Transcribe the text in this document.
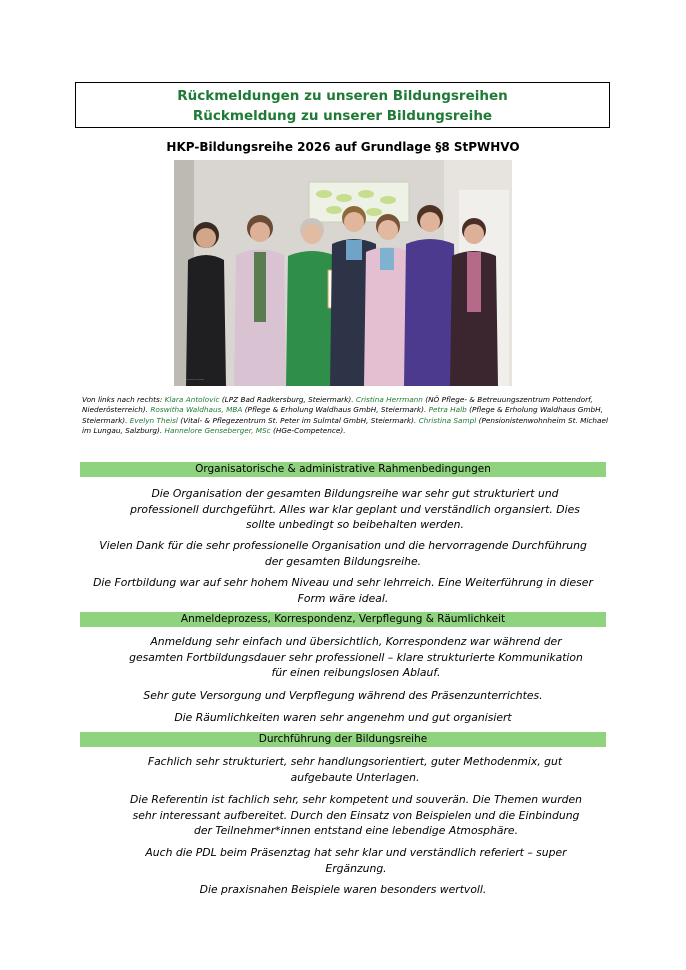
Rückmeldungen zu unseren Bildungsreihen
Rückmeldung zu unserer Bildungsreihe
HKP-Bildungsreihe 2026 auf Grundlage §8 StPWHVO
Gruppenfoto der Teilnehmerinnen mit Zertifikat
Von links nach rechts: Klara Antolovic (LPZ Bad Radkersburg, Steiermark). Cristina Herrmann (NÖ Pflege- & Betreuungszentrum Pottendorf, Niederösterreich). Roswitha Waldhaus, MBA (Pflege & Erholung Waldhaus GmbH, Steiermark). Petra Halb (Pflege & Erholung Waldhaus GmbH, Steiermark). Evelyn Theisl (Vital- & Pflegezentrum St. Peter im Sulmtal GmbH, Steiermark). Christina Sampl (Pensionistenwohnheim St. Michael im Lungau, Salzburg). Hannelore Genseberger, MSc (HGe-Competence).
Organisatorische & administrative Rahmenbedingungen
Die Organisation der gesamten Bildungsreihe war sehr gut strukturiert und professionell durchgeführt. Alles war klar geplant und verständlich organsiert. Dies sollte unbedingt so beibehalten werden.
Vielen Dank für die sehr professionelle Organisation und die hervorragende Durchführung der gesamten Bildungsreihe.
Die Fortbildung war auf sehr hohem Niveau und sehr lehrreich. Eine Weiterführung in dieser Form wäre ideal.
Anmeldeprozess, Korrespondenz, Verpflegung & Räumlichkeit
Anmeldung sehr einfach und übersichtlich, Korrespondenz war während der gesamten Fortbildungsdauer sehr professionell – klare strukturierte Kommunikation für einen reibungslosen Ablauf.
Sehr gute Versorgung und Verpflegung während des Präsenzunterrichtes.
Die Räumlichkeiten waren sehr angenehm und gut organisiert
Durchführung der Bildungsreihe
Fachlich sehr strukturiert, sehr handlungsorientiert, guter Methodenmix, gut aufgebaute Unterlagen.
Die Referentin ist fachlich sehr, sehr kompetent und souverän. Die Themen wurden sehr interessant aufbereitet. Durch den Einsatz von Beispielen und die Einbindung der Teilnehmer*innen entstand eine lebendige Atmosphäre.
Auch die PDL beim Präsenztag hat sehr klar und verständlich referiert – super Ergänzung.
Die praxisnahen Beispiele waren besonders wertvoll.
